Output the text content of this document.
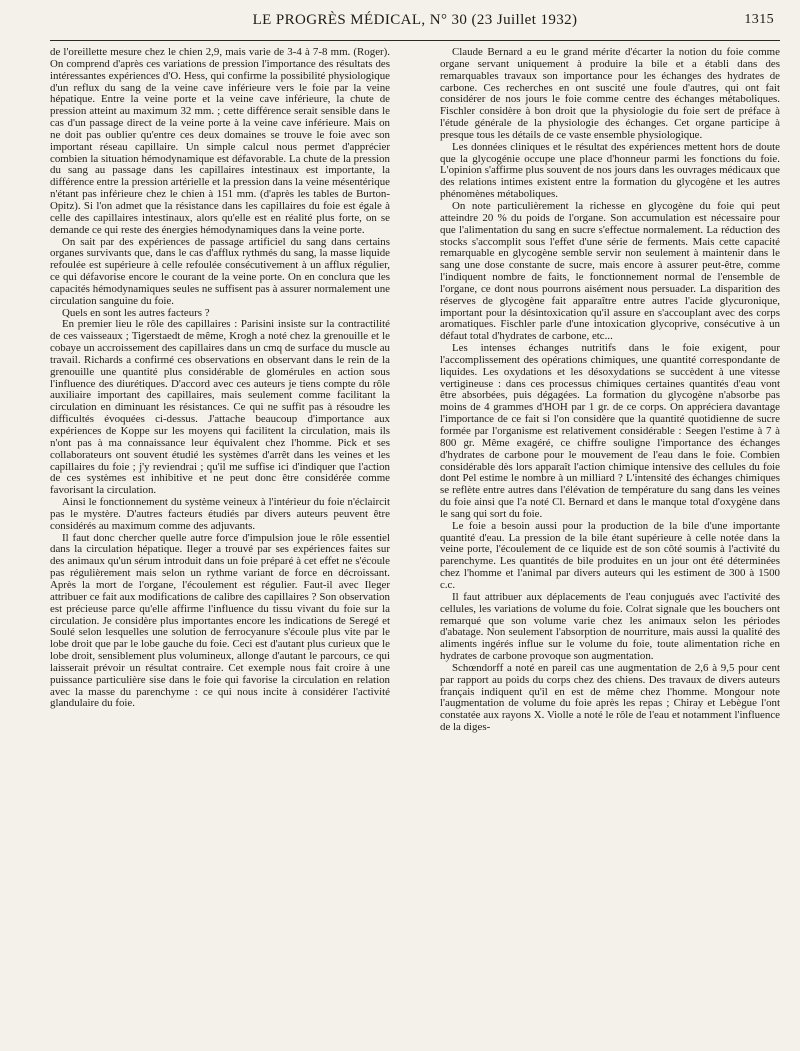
LE PROGRÈS MÉDICAL,
N° 30 (23 Juillet 1932)	1315

de l'oreillette mesure chez le chien 2,9, mais varie de 3-4 à 7-8 mm. (Roger). On comprend d'après ces variations de pression l'importance des résultats des intéressantes expériences d'O. Hess, qui confirme la possibilité physiologique d'un reflux du sang de la veine cave inférieure vers le foie par la veine hépatique. Entre la veine porte et la veine cave inférieure, la chute de pression atteint au maximum 32 mm. ; cette différence serait sensible dans le cas d'un passage direct de la veine porte à la veine cave inférieure. Mais on ne doit pas oublier qu'entre ces deux domaines se trouve le foie avec son important réseau capillaire. Un simple calcul nous permet d'apprécier combien la situation hémodynamique est défavorable. La chute de la pression du sang au passage dans les capillaires intestinaux est importante, la différence entre la pression artérielle et la pression dans la veine mésentérique n'étant pas inférieure chez le chien à 151 mm. (d'après les tables de Burton-Opitz). Si l'on admet que la résistance dans les capillaires du foie est égale à celle des capillaires intestinaux, alors qu'elle est en réalité plus forte, on se demande ce qui reste des énergies hémodynamiques dans la veine porte.

On sait par des expériences de passage artificiel du sang dans certains organes survivants que, dans le cas d'afflux rythmés du sang, la masse liquide refoulée est supérieure à celle refoulée consécutivement à un afflux régulier, ce qui défavorise encore le courant de la veine porte. On en conclura que les capacités hémodynamiques seules ne suffisent pas à assurer normalement une circulation sanguine du foie.

Quels en sont les autres facteurs ?

En premier lieu le rôle des capillaires : Parisini insiste sur la contractilité de ces vaisseaux ; Tigerstaedt de même, Krogh a noté chez la grenouille et le cobaye un accroissement des capillaires dans un cmq de surface du muscle au travail. Richards a confirmé ces observations en observant dans le rein de la grenouille une quantité plus considérable de glomérules en action sous l'influence des diurétiques. D'accord avec ces auteurs je tiens compte du rôle auxiliaire important des capillaires, mais seulement comme facilitant la circulation en diminuant les résistances. Ce qui ne suffit pas à résoudre les difficultés évoquées ci-dessus. J'attache beaucoup d'importance aux expériences de Koppe sur les moyens qui facilitent la circulation, mais ils n'ont pas à ma connaissance leur équivalent chez l'homme. Pick et ses collaborateurs ont souvent étudié les systèmes d'arrêt dans les veines et les capillaires du foie ; j'y reviendrai ; qu'il me suffise ici d'indiquer que l'action de ces systèmes est inhibitive et ne peut donc être considérée comme favorisant la circulation.

Ainsi le fonctionnement du système veineux à l'intérieur du foie n'éclaircit pas le mystère. D'autres facteurs étudiés par divers auteurs peuvent être considérés au maximum comme des adjuvants.

Il faut donc chercher quelle autre force d'impulsion joue le rôle essentiel dans la circulation hépatique. Ileger a trouvé par ses expériences faites sur des animaux qu'un sérum introduit dans un foie préparé à cet effet ne s'écoule pas régulièrement mais selon un rythme variant de force en décroissant. Après la mort de l'organe, l'écoulement est régulier. Faut-il avec Ileger attribuer ce fait aux modifications de calibre des capillaires ? Son observation est précieuse parce qu'elle affirme l'influence du tissu vivant du foie sur la circulation. Je considère plus importantes encore les indications de Seregé et Soulé selon lesquelles une solution de ferrocyanure s'écoule plus vite par le lobe droit que par le lobe gauche du foie. Ceci est d'autant plus curieux que le lobe droit, sensiblement plus volumineux, allonge d'autant le parcours, ce qui laisserait prévoir un résultat contraire. Cet exemple nous fait croire à une puissance particulière sise dans le foie qui favorise la circulation en relation avec la masse du parenchyme : ce qui nous incite à considérer l'activité glandulaire du foie.

Claude Bernard a eu le grand mérite d'écarter la notion du foie comme organe servant uniquement à produire la bile et a établi dans des remarquables travaux son importance pour les échanges des hydrates de carbone. Ces recherches en ont suscité une foule d'autres, qui ont fait considérer de nos jours le foie comme centre des échanges métaboliques. Fischler considère à bon droit que la physiologie du foie sert de préface à l'étude générale de la physiologie des échanges. Cet organe participe à presque tous les détails de ce vaste ensemble physiologique.

Les données cliniques et le résultat des expériences mettent hors de doute que la glycogénie occupe une place d'honneur parmi les fonctions du foie. L'opinion s'affirme plus souvent de nos jours dans les ouvrages médicaux que des relations intimes existent entre la formation du glycogène et les autres phénomènes métaboliques.

On note particulièrement la richesse en glycogène du foie qui peut atteindre 20 % du poids de l'organe. Son accumulation est nécessaire pour que l'alimentation du sang en sucre s'effectue normalement. La réduction des stocks s'accomplit sous l'effet d'une série de ferments. Mais cette capacité remarquable en glycogène semble servir non seulement à maintenir dans le sang une dose constante de sucre, mais encore à assurer peut-être, comme l'indiquent nombre de faits, le fonctionnement normal de l'ensemble de l'organe, ce dont nous pourrons aisément nous persuader. La disparition des réserves de glycogène fait apparaître entre autres l'acide glycuronique, important pour la désintoxication qu'il assure en s'accouplant avec des corps aromatiques. Fischler parle d'une intoxication glycoprive, consécutive à un défaut total d'hydrates de carbone, etc...

Les intenses échanges nutritifs dans le foie exigent, pour l'accomplissement des opérations chimiques, une quantité correspondante de liquides. Les oxydations et les désoxydations se succèdent à une vitesse vertigineuse : dans ces processus chimiques certaines quantités d'eau vont être absorbées, puis dégagées. La formation du glycogène n'absorbe pas moins de 4 grammes d'HOH par 1 gr. de ce corps. On appréciera davantage l'importance de ce fait si l'on considère que la quantité quotidienne de sucre formée par l'organisme est relativement considérable : Seegen l'estime à 7 à 800 gr. Même exagéré, ce chiffre souligne l'importance des échanges d'hydrates de carbone pour le mouvement de l'eau dans le foie. Combien considérable dès lors apparaît l'action chimique intensive des cellules du foie dont Pel estime le nombre à un milliard ? L'intensité des échanges chimiques se reflète entre autres dans l'élévation de température du sang dans les veines du foie ainsi que l'a noté Cl. Bernard et dans le manque total d'oxygène dans le sang qui sort du foie.

Le foie a besoin aussi pour la production de la bile d'une importante quantité d'eau. La pression de la bile étant supérieure à celle notée dans la veine porte, l'écoulement de ce liquide est de son côté soumis à l'activité du parenchyme. Les quantités de bile produites en un jour ont été déterminées chez l'homme et l'animal par divers auteurs qui les estiment de 300 à 1500 c.c.

Il faut attribuer aux déplacements de l'eau conjugués avec l'activité des cellules, les variations de volume du foie. Colrat signale que les bouchers ont remarqué que son volume varie chez les animaux selon les périodes d'abatage. Non seulement l'absorption de nourriture, mais aussi la qualité des aliments ingérés influe sur le volume du foie, toute alimentation riche en hydrates de carbone provoque son augmentation.

Schœndorff a noté en pareil cas une augmentation de 2,6 à 9,5 pour cent par rapport au poids du corps chez des chiens. Des travaux de divers auteurs français indiquent qu'il en est de même chez l'homme. Mongour note l'augmentation de volume du foie après les repas ; Chiray et Lebègue l'ont constatée aux rayons X. Violle a noté le rôle de l'eau et notamment l'influence de la diges-
